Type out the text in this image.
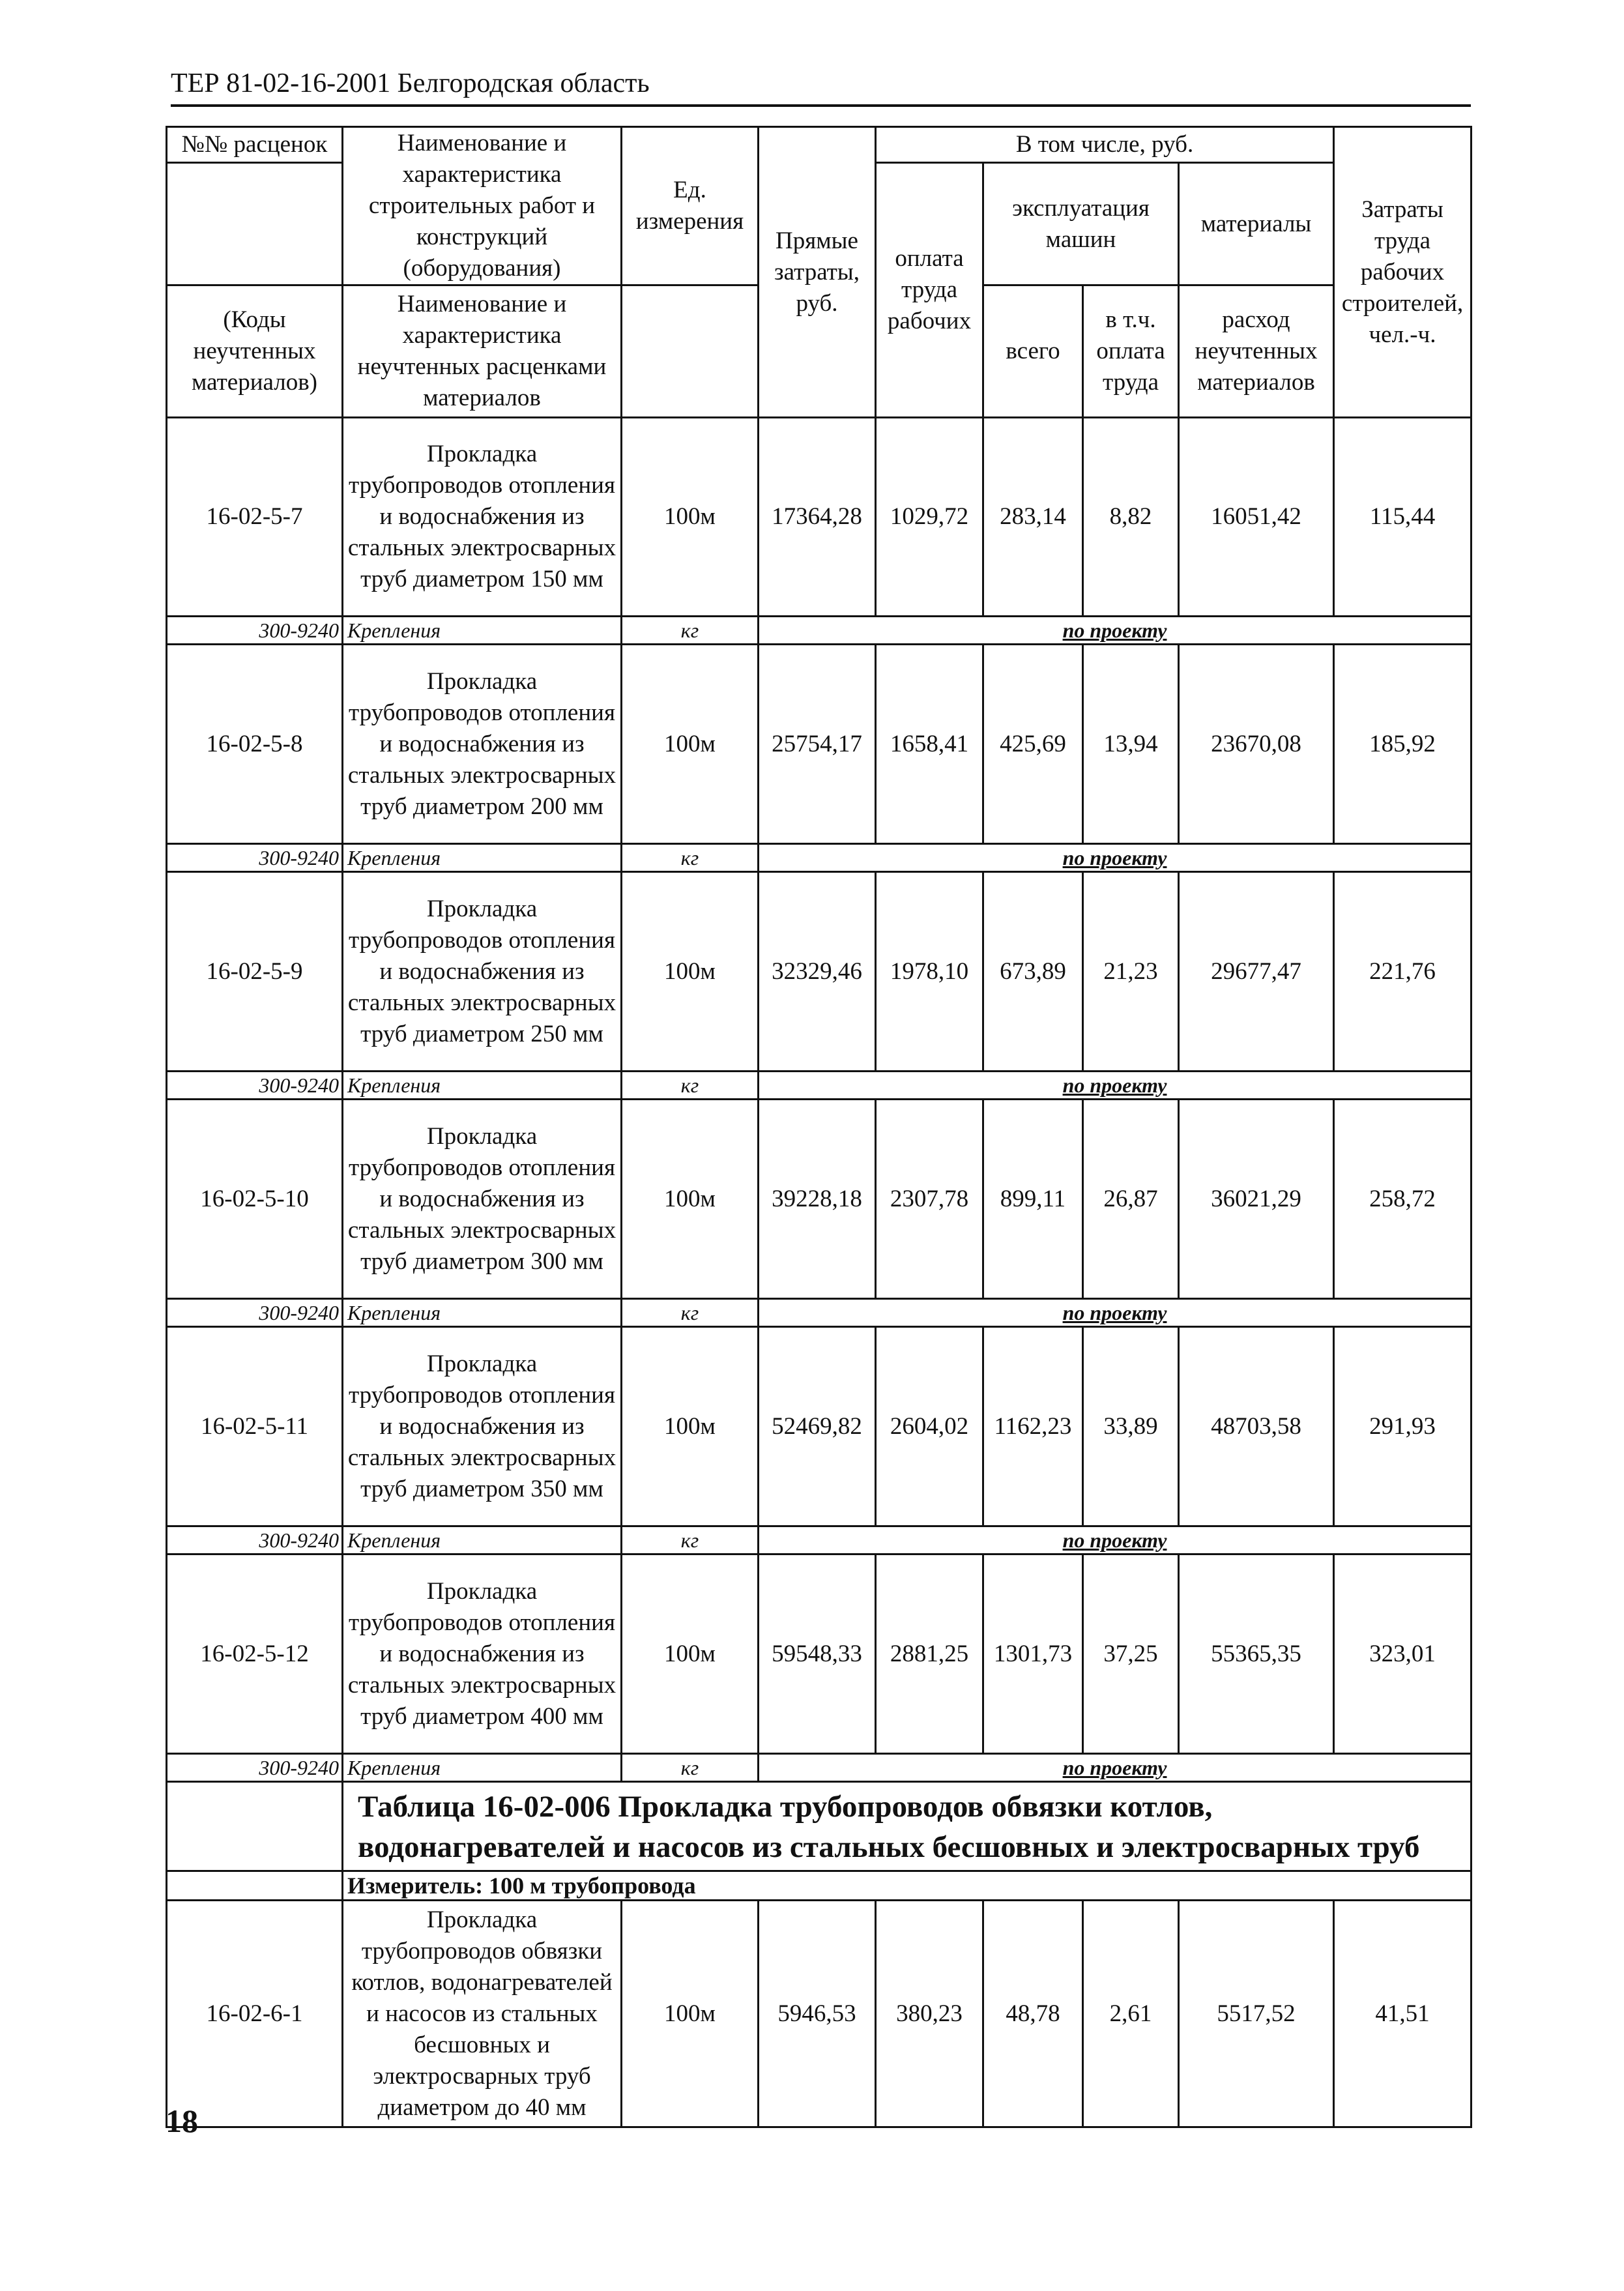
ТЕР 81-02-16-2001 Белгородская область
№№ расценок	Наименование и характеристика строительных работ и конструкций (оборудования)	Ед. измерения	Прямые затраты, руб.	В том числе, руб.				Затраты труда рабочих строителей, чел.-ч.	
				оплата труда рабочих	эксплуатация машин		материалы		

(Коды неучтенных материалов)	Наименование и характеристика неучтенных расценками материалов				всего	в т.ч. оплата труда	расход неучтенных материалов		

16-02-5-7	Прокладка трубопроводов отопления и водоснабжения из стальных электросварных труб диаметром 150 мм	100м	17364,28	1029,72	283,14	8,82	16051,42	115,44	
300-9240	Крепления	кг	по проекту						
16-02-5-8	Прокладка трубопроводов отопления и водоснабжения из стальных электросварных труб диаметром 200 мм	100м	25754,17	1658,41	425,69	13,94	23670,08	185,92	
300-9240	Крепления	кг	по проекту						
16-02-5-9	Прокладка трубопроводов отопления и водоснабжения из стальных электросварных труб диаметром 250 мм	100м	32329,46	1978,10	673,89	21,23	29677,47	221,76	
300-9240	Крепления	кг	по проекту						
16-02-5-10	Прокладка трубопроводов отопления и водоснабжения из стальных электросварных труб диаметром 300 мм	100м	39228,18	2307,78	899,11	26,87	36021,29	258,72	
300-9240	Крепления	кг	по проекту						
16-02-5-11	Прокладка трубопроводов отопления и водоснабжения из стальных электросварных труб диаметром 350 мм	100м	52469,82	2604,02	1162,23	33,89	48703,58	291,93	
300-9240	Крепления	кг	по проекту						
16-02-5-12	Прокладка трубопроводов отопления и водоснабжения из стальных электросварных труб диаметром 400 мм	100м	59548,33	2881,25	1301,73	37,25	55365,35	323,01	
300-9240	Крепления	кг	по проекту						
	Таблица 16-02-006 Прокладка трубопроводов обвязки котлов, водонагревателей и насосов из стальных бесшовных и электросварных труб								
	Измеритель: 100 м трубопровода								
16-02-6-1	Прокладка трубопроводов обвязки котлов, водонагревателей и насосов из стальных бесшовных и электросварных труб диаметром до 40 мм	100м	5946,53	380,23	48,78	2,61	5517,52	41,51	
18
